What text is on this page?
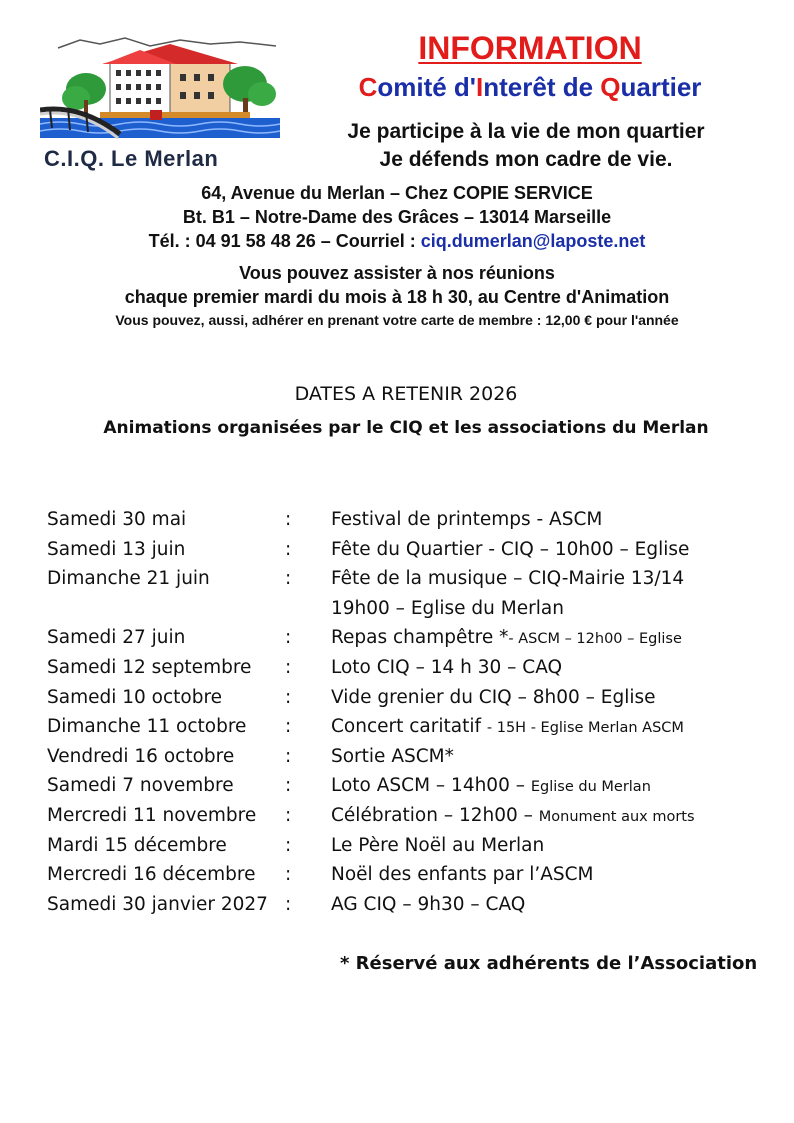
C.I.Q. Le Merlan
INFORMATION
Comité d'Interêt de Quartier
Je participe à la vie de mon quartier
Je défends mon cadre de vie.
64, Avenue du Merlan – Chez COPIE SERVICE
Bt. B1 – Notre-Dame des Grâces – 13014 Marseille
Tél. : 04 91 58 48 26 – Courriel : ciq.dumerlan@laposte.net
Vous pouvez assister à nos réunions
chaque premier mardi du mois à 18 h 30, au Centre d'Animation
Vous pouvez, aussi, adhérer en prenant votre carte de membre : 12,00 € pour l'année
DATES A RETENIR 2026
Animations organisées par le CIQ et les associations du Merlan
Samedi 30 mai	: Festival de printemps - ASCM
Samedi 13 juin	: Fête du Quartier - CIQ – 10h00 – Eglise
Dimanche 21 juin	: Fête de la musique – CIQ-Mairie 13/14
19h00 – Eglise du Merlan
Samedi 27 juin	: Repas champêtre *- ASCM – 12h00 – Eglise
Samedi 12 septembre : Loto CIQ – 14 h 30 – CAQ
Samedi 10 octobre	: Vide grenier du CIQ – 8h00 – Eglise
Dimanche 11 octobre : Concert caritatif - 15H - Eglise Merlan ASCM
Vendredi 16 octobre	: Sortie ASCM*
Samedi 7 novembre	: Loto ASCM – 14h00 – Eglise du Merlan
Mercredi 11 novembre : Célébration – 12h00 – Monument aux morts
Mardi 15 décembre	: Le Père Noël au Merlan
Mercredi 16 décembre : Noël des enfants par l’ASCM
Samedi 30 janvier 2027 : AG CIQ – 9h30 – CAQ
* Réservé aux adhérents de l’Association
